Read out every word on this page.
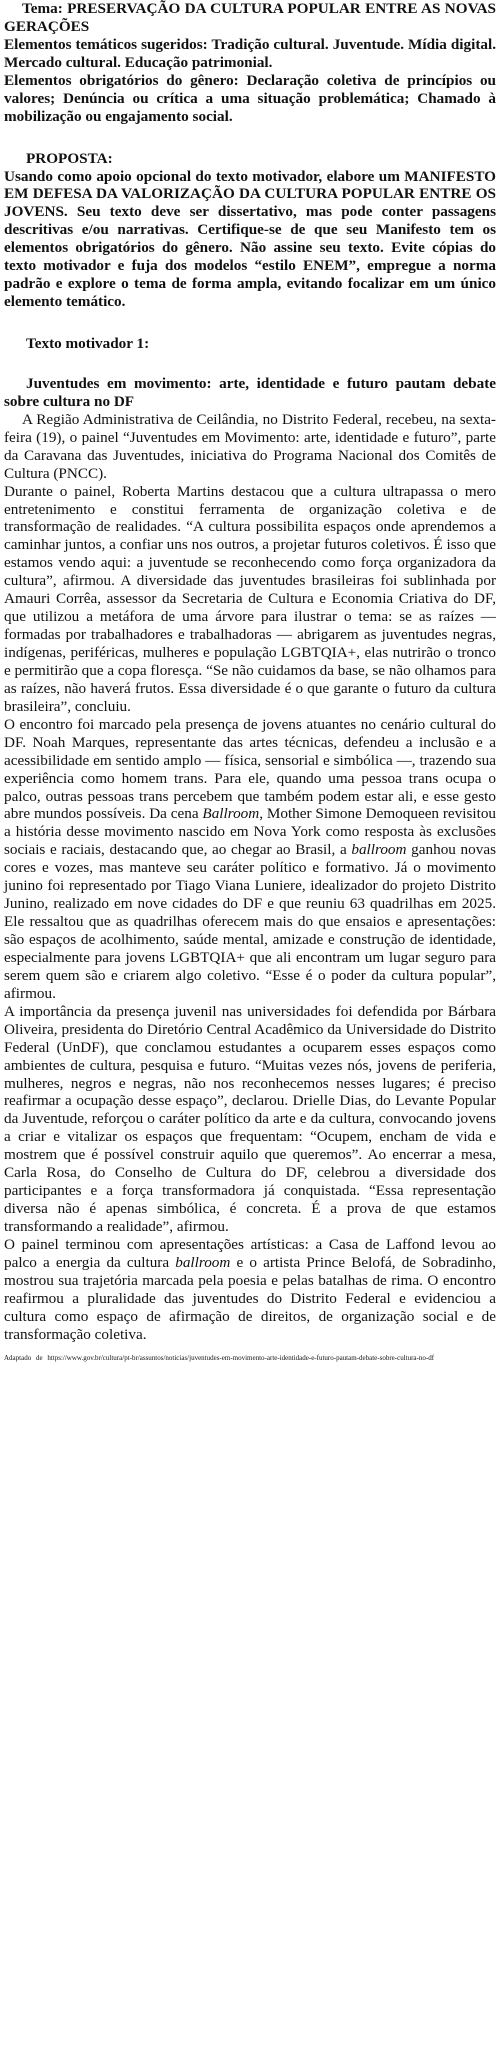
Tema: PRESERVAÇÃO DA CULTURA POPULAR ENTRE AS NOVAS GERAÇÕES

Elementos temáticos sugeridos: Tradição cultural. Juventude. Mídia digital. Mercado cultural. Educação patrimonial.

Elementos obrigatórios do gênero: Declaração coletiva de princípios ou valores; Denúncia ou crítica a uma situação problemática; Chamado à mobilização ou engajamento social.

PROPOSTA:

Usando como apoio opcional do texto motivador, elabore um MANIFESTO EM DEFESA DA VALORIZAÇÃO DA CULTURA POPULAR ENTRE OS JOVENS. Seu texto deve ser dissertativo, mas pode conter passagens descritivas e/ou narrativas. Certifique-se de que seu Manifesto tem os elementos obrigatórios do gênero. Não assine seu texto. Evite cópias do texto motivador e fuja dos modelos “estilo ENEM”, empregue a norma padrão e explore o tema de forma ampla, evitando focalizar em um único elemento temático.

Texto motivador 1:

Juventudes em movimento: arte, identidade e futuro pautam debate sobre cultura no DF

A Região Administrativa de Ceilândia, no Distrito Federal, recebeu, na sexta-feira (19), o painel “Juventudes em Movimento: arte, identidade e futuro”, parte da Caravana das Juventudes, iniciativa do Programa Nacional dos Comitês de Cultura (PNCC).

Durante o painel, Roberta Martins destacou que a cultura ultrapassa o mero entretenimento e constitui ferramenta de organização coletiva e de transformação de realidades. “A cultura possibilita espaços onde aprendemos a caminhar juntos, a confiar uns nos outros, a projetar futuros coletivos. É isso que estamos vendo aqui: a juventude se reconhecendo como força organizadora da cultura”, afirmou. A diversidade das juventudes brasileiras foi sublinhada por Amauri Corrêa, assessor da Secretaria de Cultura e Economia Criativa do DF, que utilizou a metáfora de uma árvore para ilustrar o tema: se as raízes — formadas por trabalhadores e trabalhadoras — abrigarem as juventudes negras, indígenas, periféricas, mulheres e população LGBTQIA+, elas nutrirão o tronco e permitirão que a copa floresça. “Se não cuidamos da base, se não olhamos para as raízes, não haverá frutos. Essa diversidade é o que garante o futuro da cultura brasileira”, concluiu.

O encontro foi marcado pela presença de jovens atuantes no cenário cultural do DF. Noah Marques, representante das artes técnicas, defendeu a inclusão e a acessibilidade em sentido amplo — física, sensorial e simbólica —, trazendo sua experiência como homem trans. Para ele, quando uma pessoa trans ocupa o palco, outras pessoas trans percebem que também podem estar ali, e esse gesto abre mundos possíveis. Da cena Ballroom, Mother Simone Demoqueen revisitou a história desse movimento nascido em Nova York como resposta às exclusões sociais e raciais, destacando que, ao chegar ao Brasil, a ballroom ganhou novas cores e vozes, mas manteve seu caráter político e formativo. Já o movimento junino foi representado por Tiago Viana Luniere, idealizador do projeto Distrito Junino, realizado em nove cidades do DF e que reuniu 63 quadrilhas em 2025. Ele ressaltou que as quadrilhas oferecem mais do que ensaios e apresentações: são espaços de acolhimento, saúde mental, amizade e construção de identidade, especialmente para jovens LGBTQIA+ que ali encontram um lugar seguro para serem quem são e criarem algo coletivo. “Esse é o poder da cultura popular”, afirmou.

A importância da presença juvenil nas universidades foi defendida por Bárbara Oliveira, presidenta do Diretório Central Acadêmico da Universidade do Distrito Federal (UnDF), que conclamou estudantes a ocuparem esses espaços como ambientes de cultura, pesquisa e futuro. “Muitas vezes nós, jovens de periferia, mulheres, negros e negras, não nos reconhecemos nesses lugares; é preciso reafirmar a ocupação desse espaço”, declarou. Drielle Dias, do Levante Popular da Juventude, reforçou o caráter político da arte e da cultura, convocando jovens a criar e vitalizar os espaços que frequentam: “Ocupem, encham de vida e mostrem que é possível construir aquilo que queremos”. Ao encerrar a mesa, Carla Rosa, do Conselho de Cultura do DF, celebrou a diversidade dos participantes e a força transformadora já conquistada. “Essa representação diversa não é apenas simbólica, é concreta. É a prova de que estamos transformando a realidade”, afirmou.

O painel terminou com apresentações artísticas: a Casa de Laffond levou ao palco a energia da cultura ballroom e o artista Prince Belofá, de Sobradinho, mostrou sua trajetória marcada pela poesia e pelas batalhas de rima. O encontro reafirmou a pluralidade das juventudes do Distrito Federal e evidenciou a cultura como espaço de afirmação de direitos, de organização social e de transformação coletiva.

Adaptado de https://www.gov.br/cultura/pt-br/assuntos/noticias/juventudes-em-movimento-arte-identidade-e-futuro-pautam-debate-sobre-cultura-no-df
